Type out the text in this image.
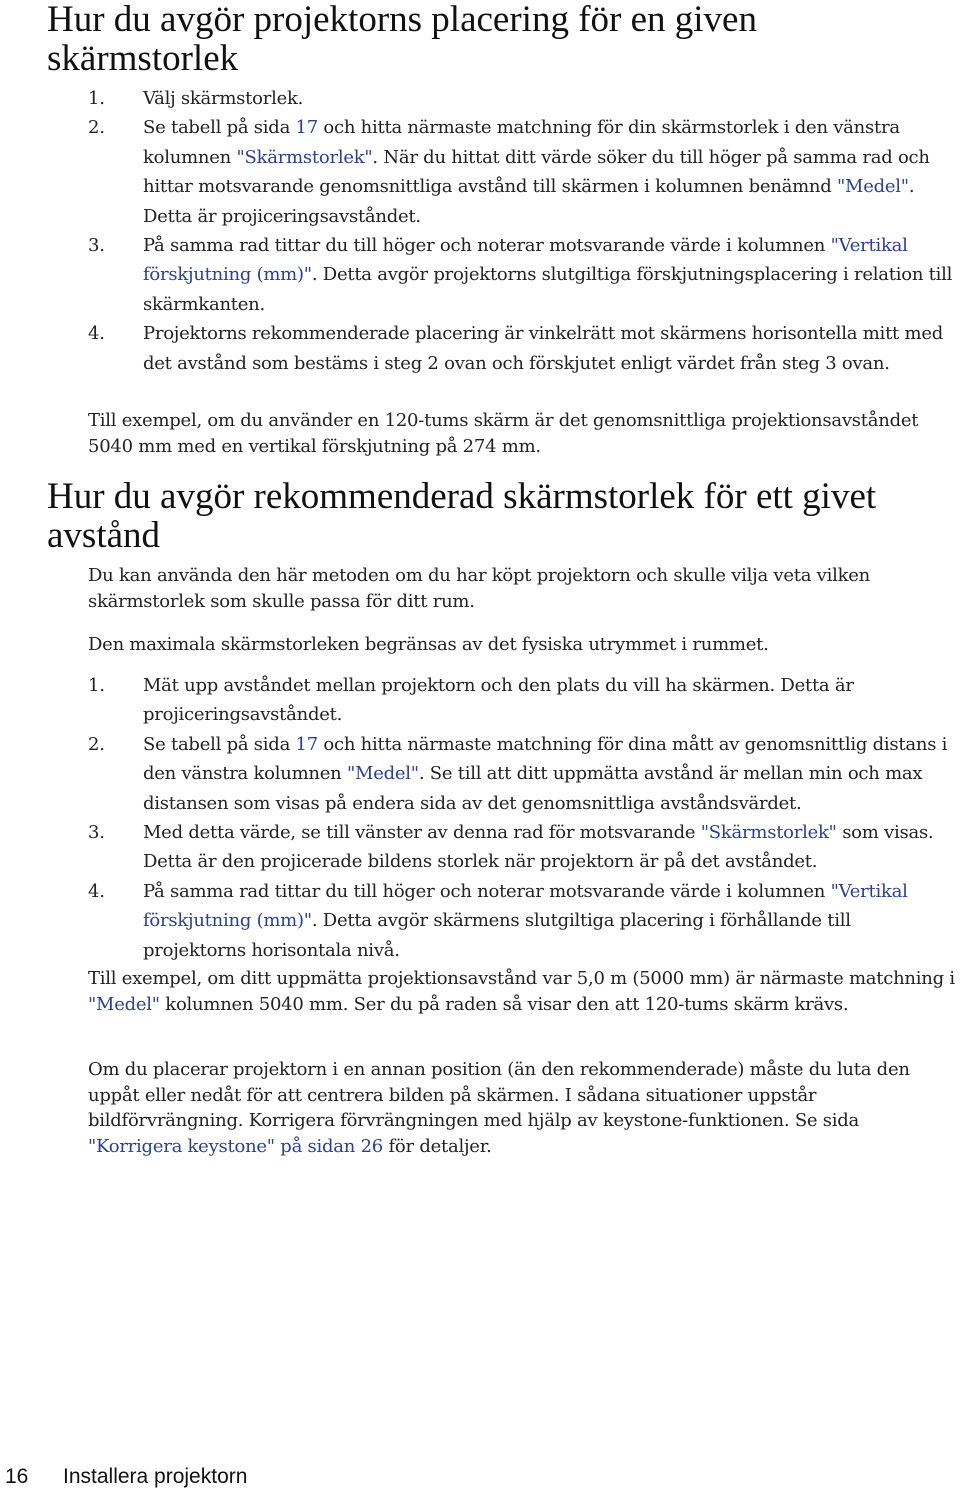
Hur du avgör projektorns placering för en given skärmstorlek
1. Välj skärmstorlek.
2. Se tabell på sida 17 och hitta närmaste matchning för din skärmstorlek i den vänstra kolumnen "Skärmstorlek". När du hittat ditt värde söker du till höger på samma rad och hittar motsvarande genomsnittliga avstånd till skärmen i kolumnen benämnd "Medel". Detta är projiceringsavståndet.
3. På samma rad tittar du till höger och noterar motsvarande värde i kolumnen "Vertikal förskjutning (mm)". Detta avgör projektorns slutgiltiga förskjutningsplacering i relation till skärmkanten.
4. Projektorns rekommenderade placering är vinkelrätt mot skärmens horisontella mitt med det avstånd som bestäms i steg 2 ovan och förskjutet enligt värdet från steg 3 ovan.

Till exempel, om du använder en 120-tums skärm är det genomsnittliga projektionsavståndet 5040 mm med en vertikal förskjutning på 274 mm.

Hur du avgör rekommenderad skärmstorlek för ett givet avstånd

Du kan använda den här metoden om du har köpt projektorn och skulle vilja veta vilken skärmstorlek som skulle passa för ditt rum.

Den maximala skärmstorleken begränsas av det fysiska utrymmet i rummet.

1. Mät upp avståndet mellan projektorn och den plats du vill ha skärmen. Detta är projiceringsavståndet.
2. Se tabell på sida 17 och hitta närmaste matchning för dina mått av genomsnittlig distans i den vänstra kolumnen "Medel". Se till att ditt uppmätta avstånd är mellan min och max distansen som visas på endera sida av det genomsnittliga avståndsvärdet.
3. Med detta värde, se till vänster av denna rad för motsvarande "Skärmstorlek" som visas. Detta är den projicerade bildens storlek när projektorn är på det avståndet.
4. På samma rad tittar du till höger och noterar motsvarande värde i kolumnen "Vertikal förskjutning (mm)". Detta avgör skärmens slutgiltiga placering i förhållande till projektorns horisontala nivå.

Till exempel, om ditt uppmätta projektionsavstånd var 5,0 m (5000 mm) är närmaste matchning i "Medel" kolumnen 5040 mm. Ser du på raden så visar den att 120-tums skärm krävs.

Om du placerar projektorn i en annan position (än den rekommenderade) måste du luta den uppåt eller nedåt för att centrera bilden på skärmen. I sådana situationer uppstår bildförvrängning. Korrigera förvrängningen med hjälp av keystone-funktionen. Se sida "Korrigera keystone" på sidan 26 för detaljer.

16 Installera projektorn
